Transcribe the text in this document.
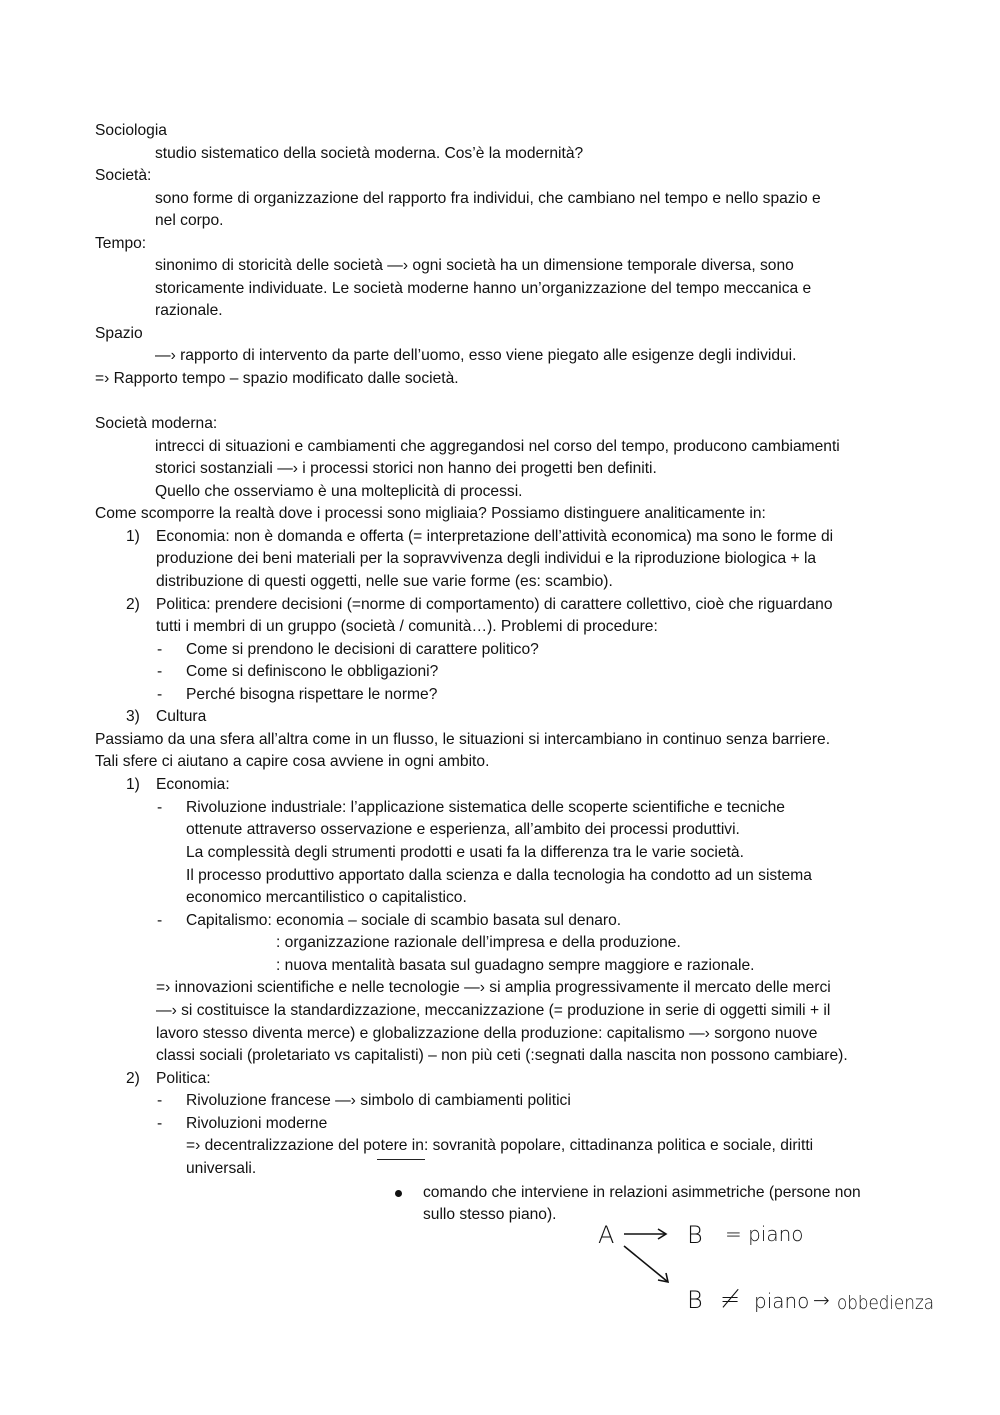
Sociologia
studio sistematico della società moderna. Cos’è la modernità?
Società:
sono forme di organizzazione del rapporto fra individui, che cambiano nel tempo e nello spazio e
nel corpo.
Tempo:
sinonimo di storicità delle società —› ogni società ha un dimensione temporale diversa, sono
storicamente individuate. Le società moderne hanno un’organizzazione del tempo meccanica e
razionale.
Spazio
—› rapporto di intervento da parte dell’uomo, esso viene piegato alle esigenze degli individui.
=› Rapporto tempo – spazio modificato dalle società.
Società moderna:
intrecci di situazioni e cambiamenti che aggregandosi nel corso del tempo, producono cambiamenti
storici sostanziali —› i processi storici non hanno dei progetti ben definiti.
Quello che osserviamo è una molteplicità di processi.
Come scomporre la realtà dove i processi sono migliaia? Possiamo distinguere analiticamente in:
1) Economia: non è domanda e offerta (= interpretazione dell’attività economica) ma sono le forme di
produzione dei beni materiali per la sopravvivenza degli individui e la riproduzione biologica + la
distribuzione di questi oggetti, nelle sue varie forme (es: scambio).
2) Politica: prendere decisioni (=norme di comportamento) di carattere collettivo, cioè che riguardano
tutti i membri di un gruppo (società / comunità…). Problemi di procedure:
- Come si prendono le decisioni di carattere politico?
- Come si definiscono le obbligazioni?
- Perché bisogna rispettare le norme?
3) Cultura
Passiamo da una sfera all’altra come in un flusso, le situazioni si intercambiano in continuo senza barriere.
Tali sfere ci aiutano a capire cosa avviene in ogni ambito.
1) Economia:
- Rivoluzione industriale: l’applicazione sistematica delle scoperte scientifiche e tecniche
ottenute attraverso osservazione e esperienza, all’ambito dei processi produttivi.
La complessità degli strumenti prodotti e usati fa la differenza tra le varie società.
Il processo produttivo apportato dalla scienza e dalla tecnologia ha condotto ad un sistema
economico mercantilistico o capitalistico.
- Capitalismo: economia – sociale di scambio basata sul denaro.
: organizzazione razionale dell’impresa e della produzione.
: nuova mentalità basata sul guadagno sempre maggiore e razionale.
=› innovazioni scientifiche e nelle tecnologie —› si amplia progressivamente il mercato delle merci
—› si costituisce la standardizzazione, meccanizzazione (= produzione in serie di oggetti simili + il
lavoro stesso diventa merce) e globalizzazione della produzione: capitalismo —› sorgono nuove
classi sociali (proletariato vs capitalisti) – non più ceti (:segnati dalla nascita non possono cambiare).
2) Politica:
- Rivoluzione francese —› simbolo di cambiamenti politici
- Rivoluzioni moderne
=› decentralizzazione del potere in: sovranità popolare, cittadinanza politica e sociale, diritti
universali.
comando che interviene in relazioni asimmetriche (persone non
sullo stesso piano).
A	B = piano
B ≠ piano → obbedienza
